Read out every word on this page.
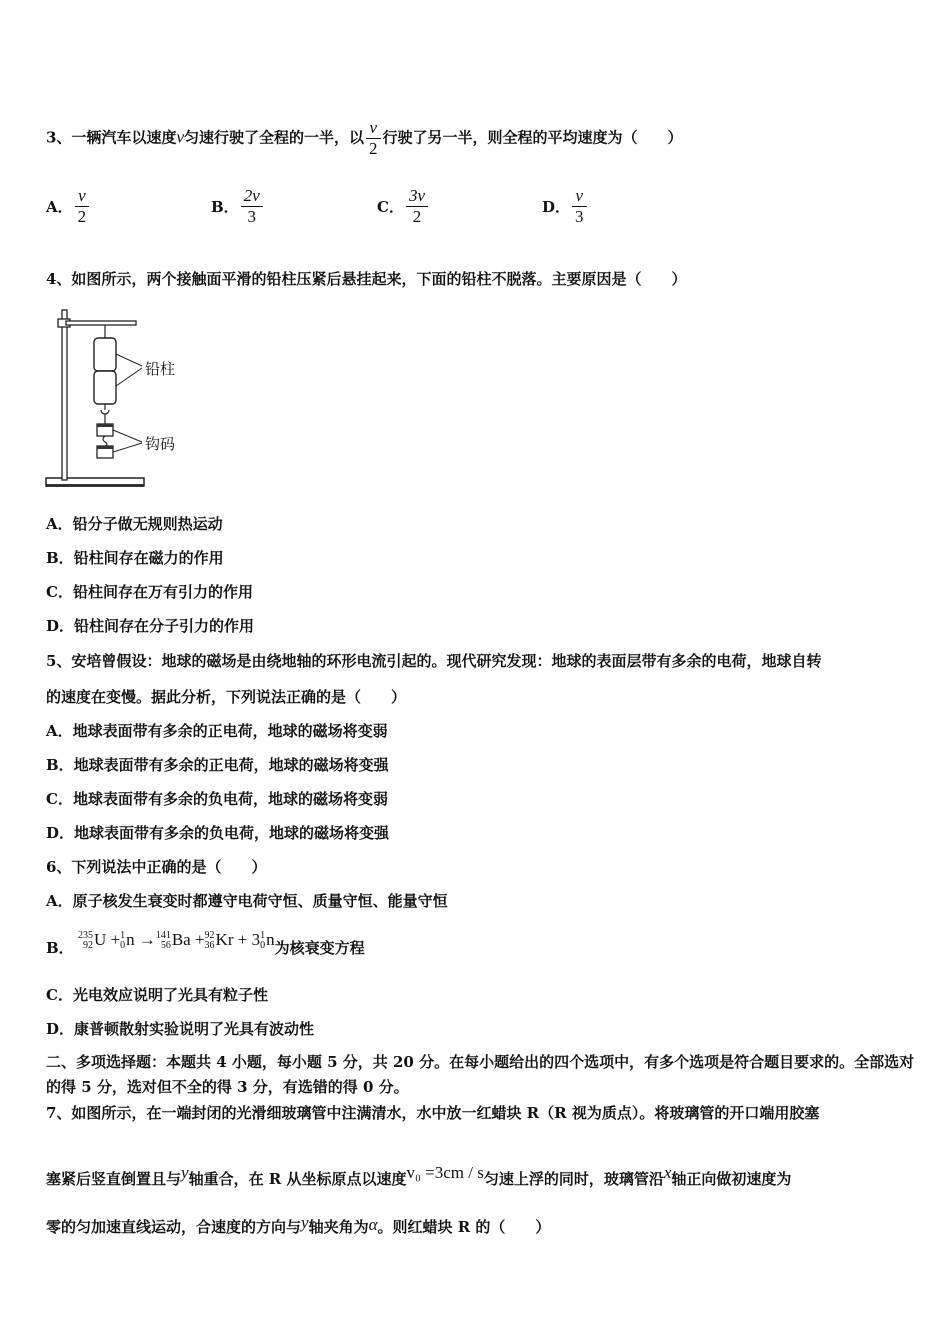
3、一辆汽车以速度v匀速行驶了全程的一半，以 $\frac{v}{2}$ 行驶了另一半，则全程的平均速度为（　　）
A． $\frac{v}{2}$	B． $\frac{2v}{3}$	C． $\frac{3v}{2}$	D． $\frac{v}{3}$
4、如图所示，两个接触面平滑的铅柱压紧后悬挂起来，下面的铅柱不脱落。主要原因是（　　）
铅柱
钩码
A．铅分子做无规则热运动
B．铅柱间存在磁力的作用
C．铅柱间存在万有引力的作用
D．铅柱间存在分子引力的作用
5、安培曾假设：地球的磁场是由绕地轴的环形电流引起的。现代研究发现：地球的表面层带有多余的电荷，地球自转
的速度在变慢。据此分析，下列说法正确的是（　　）
A．地球表面带有多余的正电荷，地球的磁场将变弱
B．地球表面带有多余的正电荷，地球的磁场将变强
C．地球表面带有多余的负电荷，地球的磁场将变弱
D．地球表面带有多余的负电荷，地球的磁场将变强
6、下列说法中正确的是（　　）
A．原子核发生衰变时都遵守电荷守恒、质量守恒、能量守恒
B．
235
92 U + 1
0 n → 141
56 Ba + 92
36 Kr + 3 1
0 n为核衰变方程
C．光电效应说明了光具有粒子性
D．康普顿散射实验说明了光具有波动性
二、多项选择题：本题共 4 小题，每小题 5 分，共 20 分。在每小题给出的四个选项中，有多个选项是符合题目要求的。全部选对的得 5 分，选对但不全的得 3 分，有选错的得 0 分。
7、如图所示，在一端封闭的光滑细玻璃管中注满清水，水中放一红蜡块 R（R 视为质点）。将玻璃管的开口端用胶塞
塞紧后竖直倒置且与y轴重合，在 R 从坐标原点以速度v₀ =3cm / s匀速上浮的同时，玻璃管沿x轴正向做初速度为
零的匀加速直线运动，合速度的方向与y轴夹角为α。则红蜡块 R 的（　　）
